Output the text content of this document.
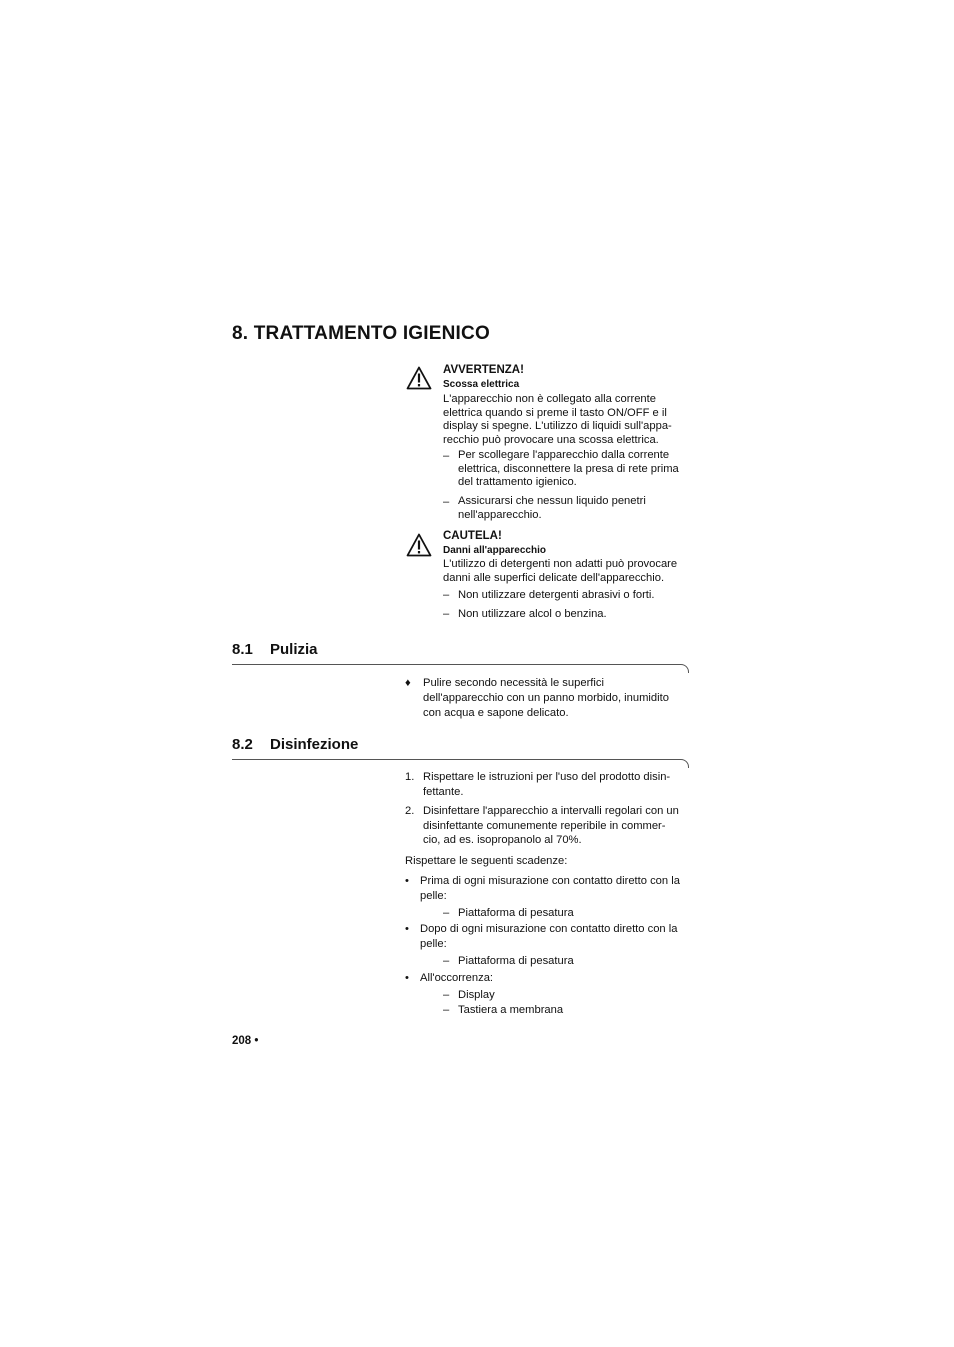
8. TRATTAMENTO IGIENICO
AVVERTENZA!
Scossa elettrica
L'apparecchio non è collegato alla corrente
elettrica quando si preme il tasto ON/OFF e il
display si spegne. L'utilizzo di liquidi sull'appa-
recchio può provocare una scossa elettrica.
– Per scollegare l'apparecchio dalla corrente
elettrica, disconnettere la presa di rete prima
del trattamento igienico.
– Assicurarsi che nessun liquido penetri
nell'apparecchio.
CAUTELA!
Danni all'apparecchio
L'utilizzo di detergenti non adatti può provocare
danni alle superfici delicate dell'apparecchio.
– Non utilizzare detergenti abrasivi o forti.
– Non utilizzare alcol o benzina.
8.1 Pulizia
♦ Pulire secondo necessità le superfici
dell'apparecchio con un panno morbido, inumidito
con acqua e sapone delicato.
8.2 Disinfezione
1. Rispettare le istruzioni per l'uso del prodotto disin-
fettante.
2. Disinfettare l'apparecchio a intervalli regolari con un
disinfettante comunemente reperibile in commer-
cio, ad es. isopropanolo al 70%.
Rispettare le seguenti scadenze:
• Prima di ogni misurazione con contatto diretto con la
pelle:
– Piattaforma di pesatura
• Dopo di ogni misurazione con contatto diretto con la
pelle:
– Piattaforma di pesatura
• All'occorrenza:
– Display
– Tastiera a membrana
208 •
